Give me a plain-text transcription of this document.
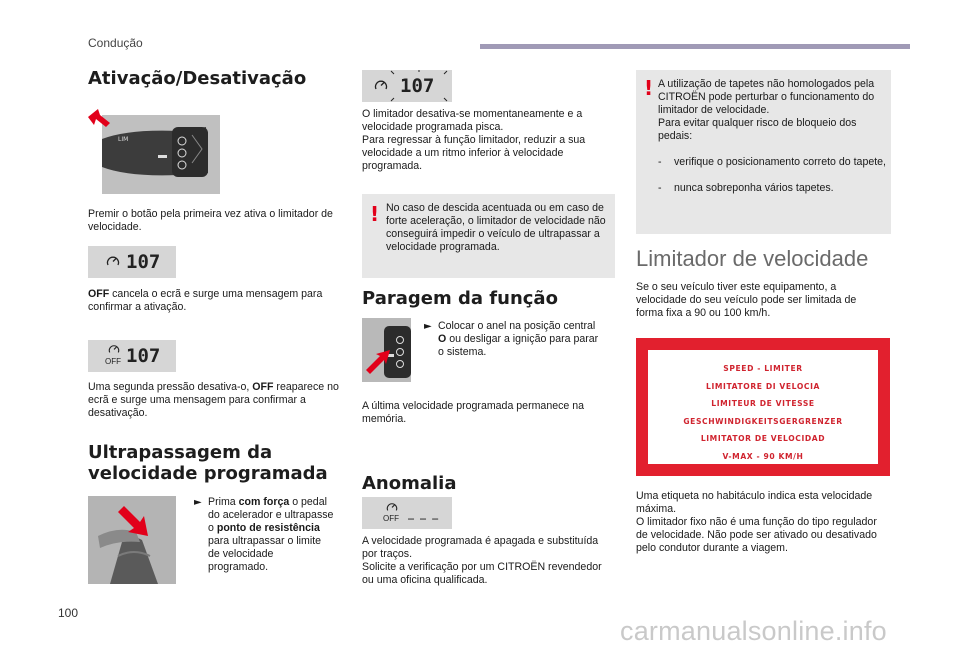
Condução
Ativação/Desativação
LIM
Premir o botão pela primeira vez ativa o limitador de velocidade.
107
OFF cancela o ecrã e surge uma mensagem para confirmar a ativação.
OFF 107
Uma segunda pressão desativa-o, OFF reaparece no ecrã e surge uma mensagem para confirmar a desativação.
Ultrapassagem da velocidade programada
► Prima com força o pedal do acelerador e ultrapasse o ponto de resistência para ultrapassar o limite de velocidade programado.
107
O limitador desativa-se momentaneamente e a velocidade programada pisca.
Para regressar à função limitador, reduzir a sua velocidade a um ritmo inferior à velocidade programada.
! No caso de descida acentuada ou em caso de forte aceleração, o limitador de velocidade não conseguirá impedir o veículo de ultrapassar a velocidade programada.
Paragem da função
► Colocar o anel na posição central O ou desligar a ignição para parar o sistema.
A última velocidade programada permanece na memória.
Anomalia
OFF _ _ _
A velocidade programada é apagada e substituída por traços.
Solicite a verificação por um CITROËN revendedor ou uma oficina qualificada.
! A utilização de tapetes não homologados pela CITROËN pode perturbar o funcionamento do limitador de velocidade.
Para evitar qualquer risco de bloqueio dos pedais:
- verifique o posicionamento correto do tapete,
- nunca sobreponha vários tapetes.
Limitador de velocidade
Se o seu veículo tiver este equipamento, a velocidade do seu veículo pode ser limitada de forma fixa a 90 ou 100 km/h.
SPEED - LIMITER
LIMITATORE DI VELOCIA
LIMITEUR DE VITESSE
GESCHWINDIGKEITSGERGRENZER
LIMITATOR DE VELOCIDAD
V-MAX - 90 KM/H
Uma etiqueta no habitáculo indica esta velocidade máxima.
O limitador fixo não é uma função do tipo regulador de velocidade. Não pode ser ativado ou desativado pelo condutor durante a viagem.
100
carmanualsonline.info
